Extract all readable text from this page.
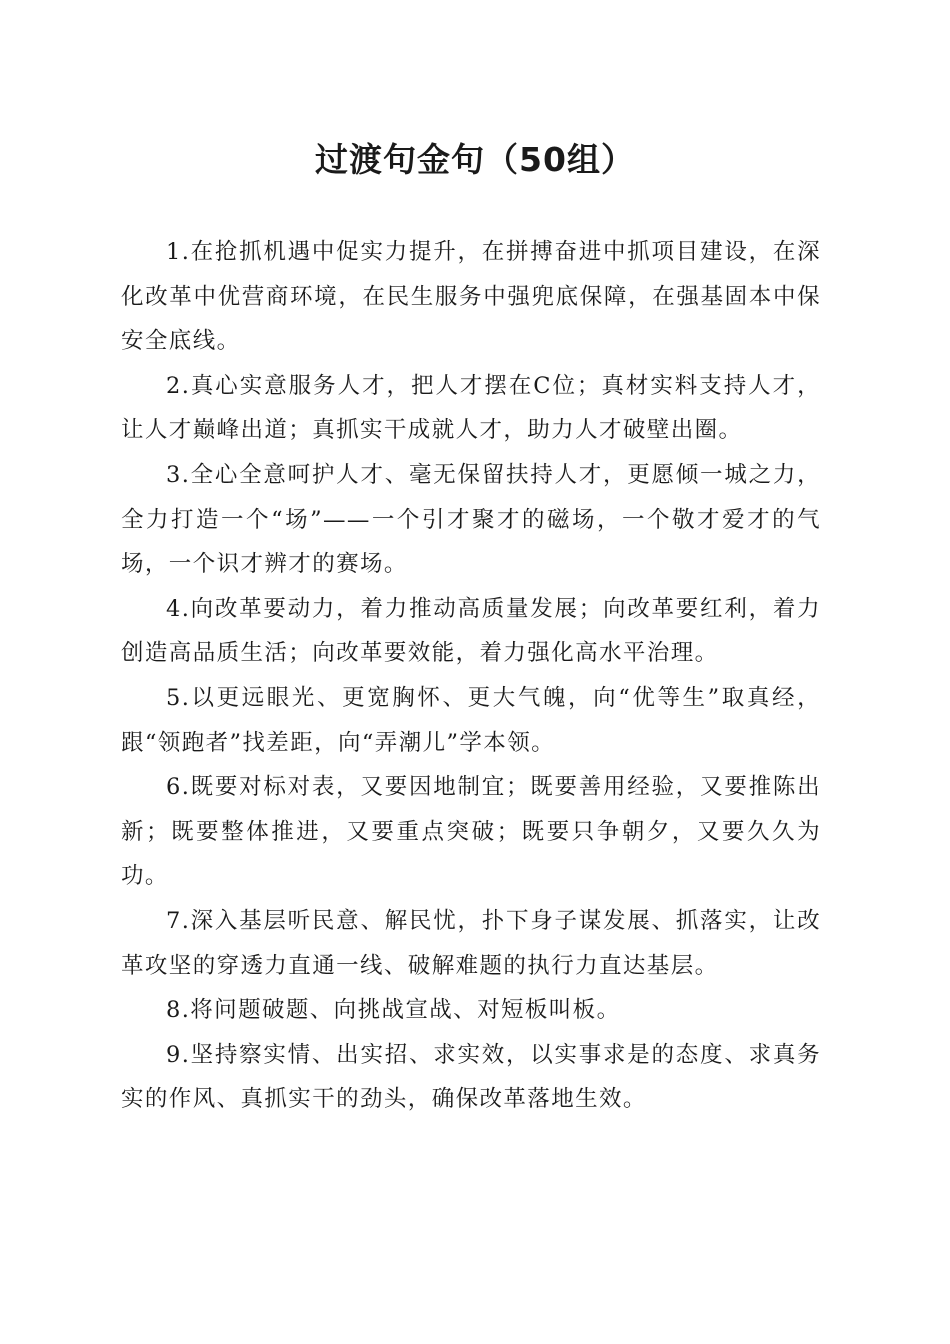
过渡句金句（50组）

1.在抢抓机遇中促实力提升，在拼搏奋进中抓项目建设，在深化改革中优营商环境，在民生服务中强兜底保障，在强基固本中保安全底线。

2.真心实意服务人才，把人才摆在C位；真材实料支持人才，让人才巅峰出道；真抓实干成就人才，助力人才破壁出圈。

3.全心全意呵护人才、毫无保留扶持人才，更愿倾一城之力，全力打造一个“场”——一个引才聚才的磁场，一个敬才爱才的气场，一个识才辨才的赛场。

4.向改革要动力，着力推动高质量发展；向改革要红利，着力创造高品质生活；向改革要效能，着力强化高水平治理。

5.以更远眼光、更宽胸怀、更大气魄，向“优等生”取真经，跟“领跑者”找差距，向“弄潮儿”学本领。

6.既要对标对表，又要因地制宜；既要善用经验，又要推陈出新；既要整体推进，又要重点突破；既要只争朝夕，又要久久为功。

7.深入基层听民意、解民忧，扑下身子谋发展、抓落实，让改革攻坚的穿透力直通一线、破解难题的执行力直达基层。

8.将问题破题、向挑战宣战、对短板叫板。

9.坚持察实情、出实招、求实效，以实事求是的态度、求真务实的作风、真抓实干的劲头，确保改革落地生效。
